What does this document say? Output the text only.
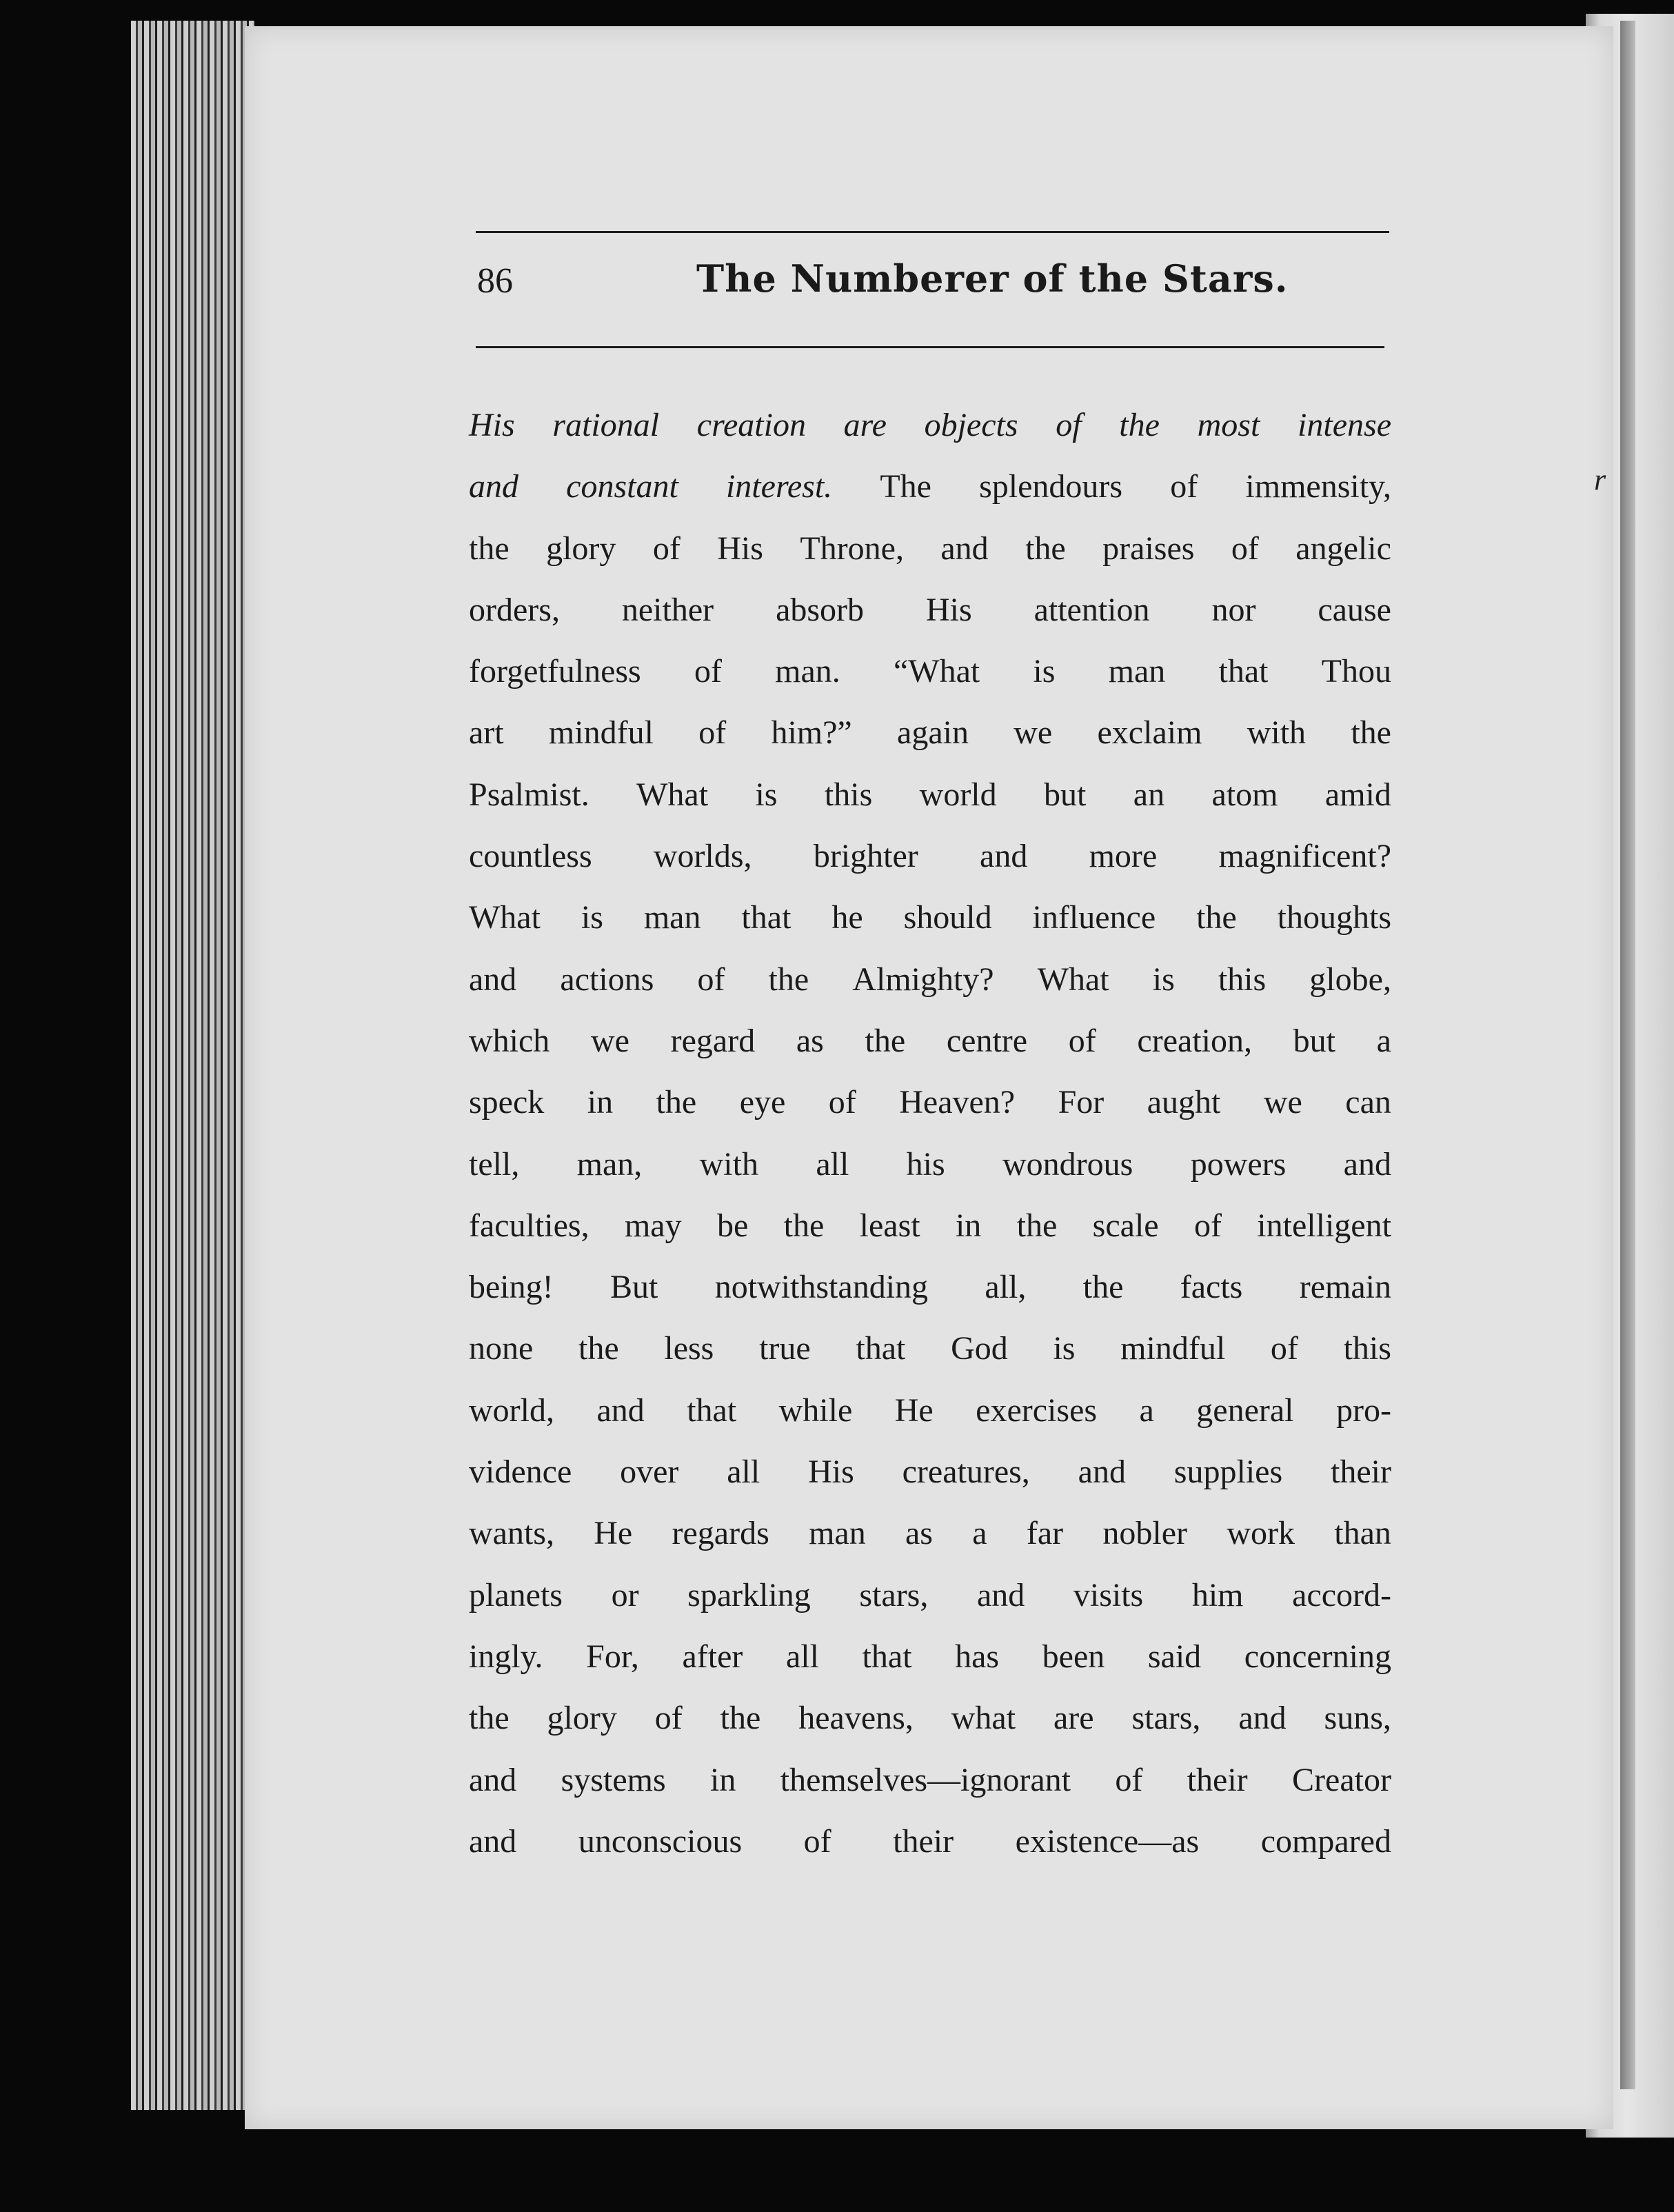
86	The Numberer of the Stars.
His rational creation are objects of the most intense
and constant interest. The splendours of immensity,
the glory of His Throne, and the praises of angelic
orders, neither absorb His attention nor cause
forgetfulness of man. “What is man that Thou
art mindful of him?” again we exclaim with the
Psalmist. What is this world but an atom amid
countless worlds, brighter and more magnificent?
What is man that he should influence the thoughts
and actions of the Almighty? What is this globe,
which we regard as the centre of creation, but a
speck in the eye of Heaven? For aught we can
tell, man, with all his wondrous powers and
faculties, may be the least in the scale of intelligent
being! But notwithstanding all, the facts remain
none the less true that God is mindful of this
world, and that while He exercises a general pro-
vidence over all His creatures, and supplies their
wants, He regards man as a far nobler work than
planets or sparkling stars, and visits him accord-
ingly. For, after all that has been said concerning
the glory of the heavens, what are stars, and suns,
and systems in themselves—ignorant of their Creator
and unconscious of their existence—as compared
r
